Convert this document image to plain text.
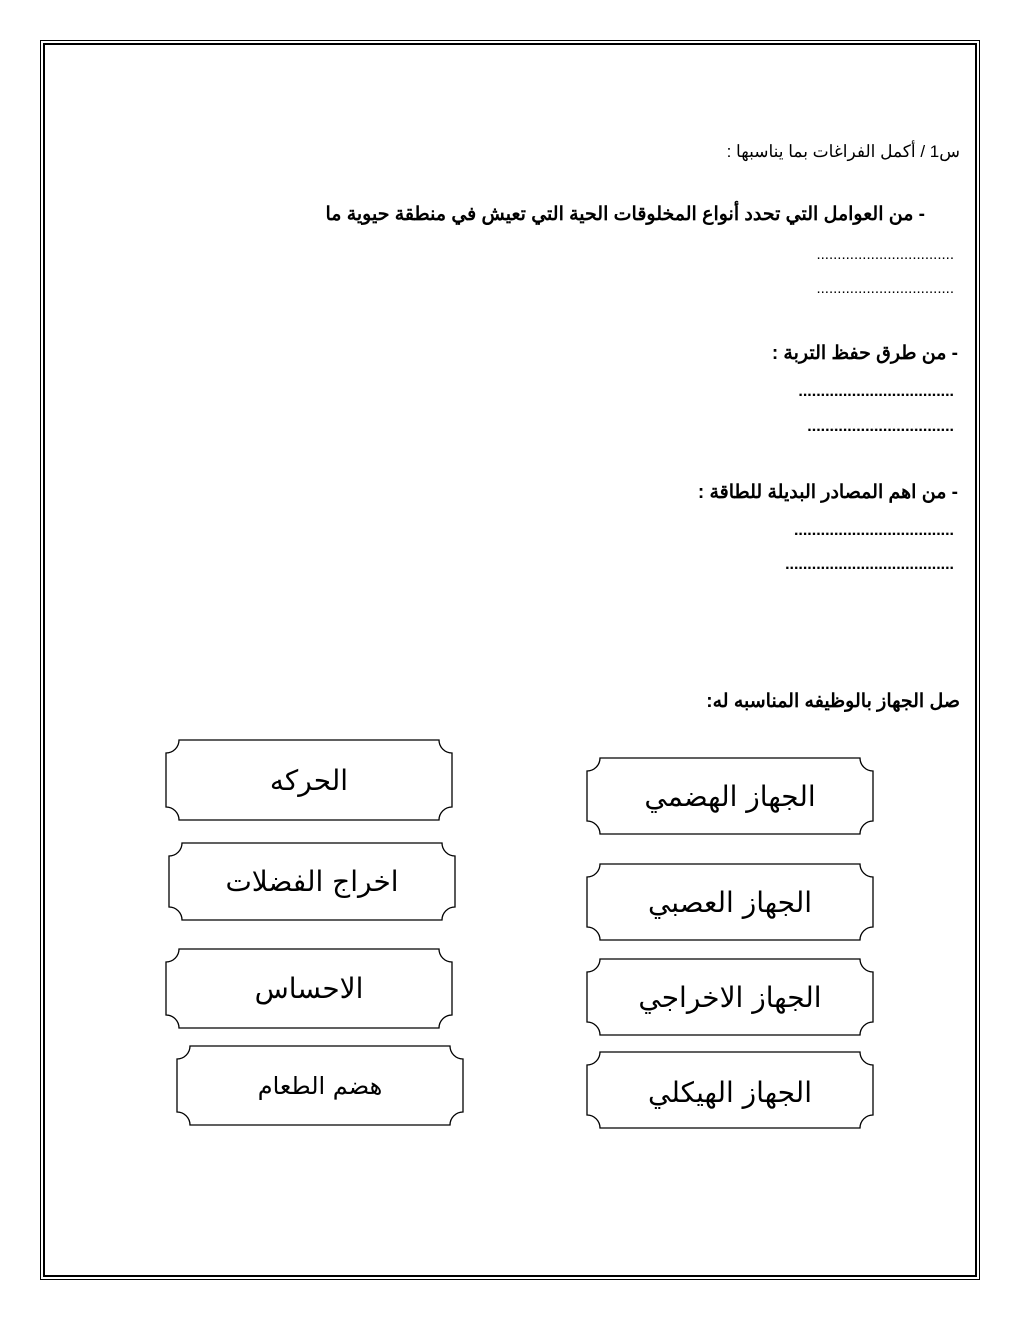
س1 / أكمل الفراغات بما يناسبها :
- من العوامل التي تحدد أنواع المخلوقات الحية التي تعيش في منطقة حيوية ما
.................................
.................................
- من طرق حفظ التربة :
...................................
.................................
- من اهم المصادر البديلة للطاقة :
....................................
......................................
صل الجهاز بالوظيفه المناسبه له:
الحركه
اخراج الفضلات
الاحساس
هضم الطعام
الجهاز الهضمي
الجهاز العصبي
الجهاز الاخراجي
الجهاز الهيكلي
